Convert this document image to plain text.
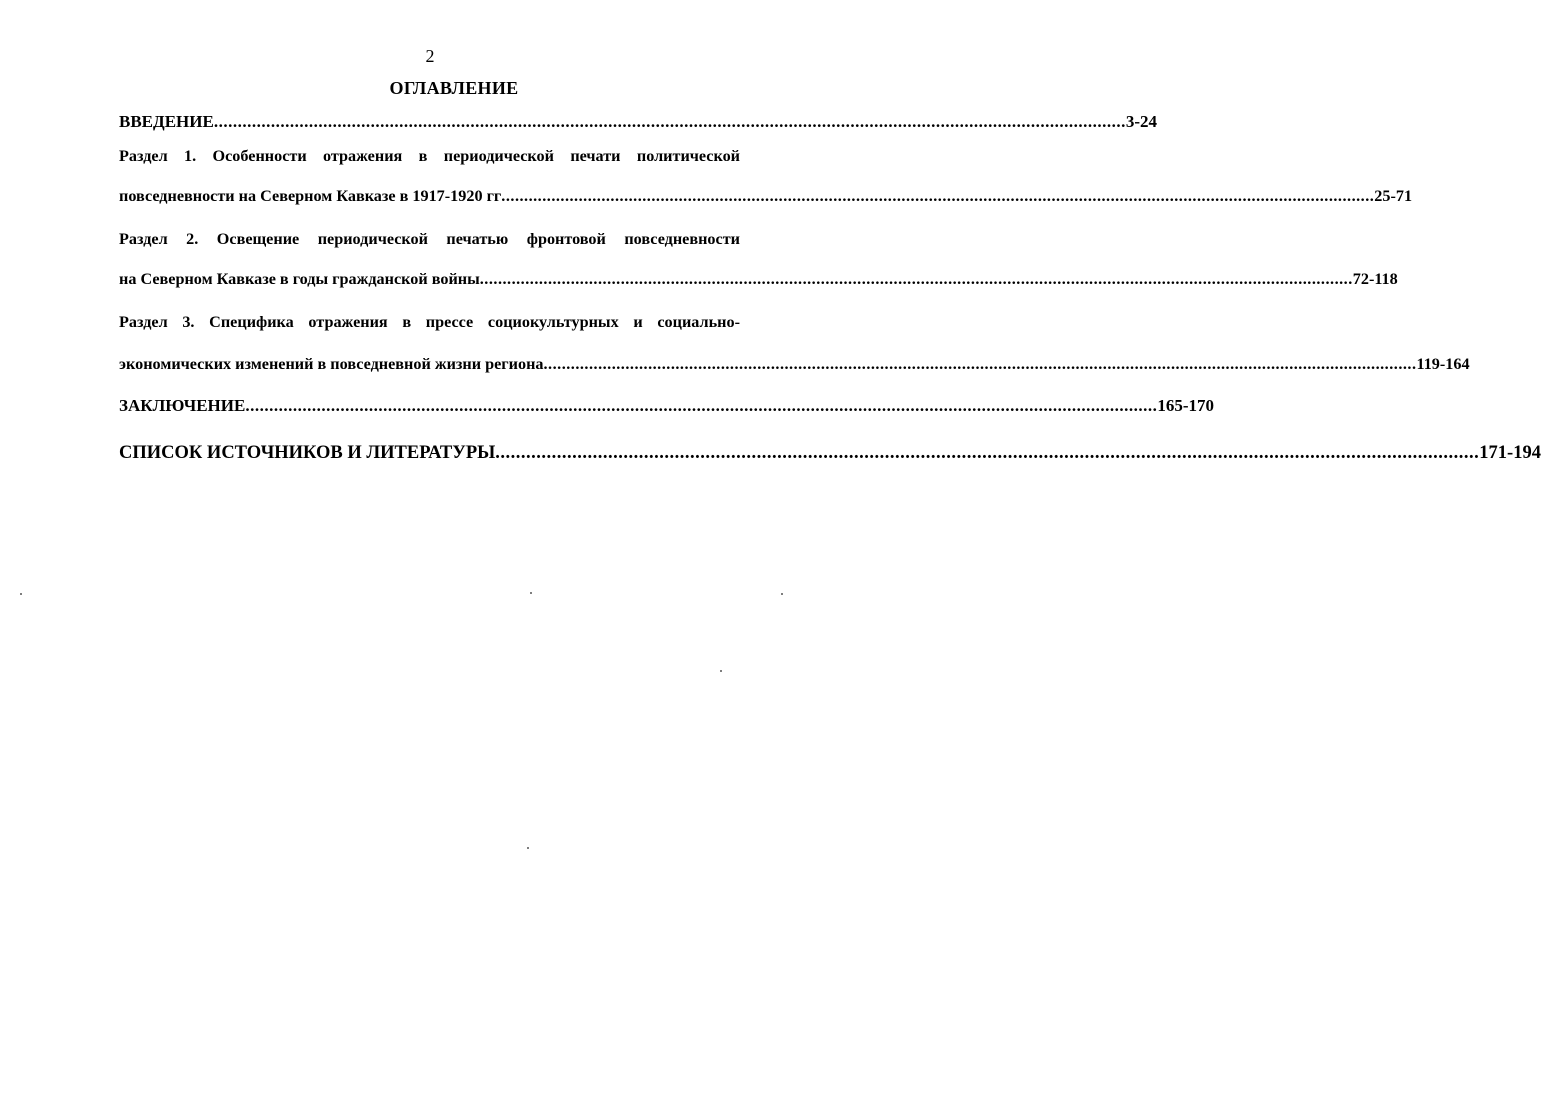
2
ОГЛАВЛЕНИЕ
ВВЕДЕНИЕ ................................................................................................................................................................................................ 3-24
Раздел 1. Особенности отражения в периодической печати политической
повседневности на Северном Кавказе в 1917-1920 гг ................................................................................................................................................................................................ 25-71
Раздел 2. Освещение периодической печатью фронтовой повседневности
на Северном Кавказе в годы гражданской войны ................................................................................................................................................................................................ 72-118
Раздел 3. Специфика отражения в прессе социокультурных и социально-
экономических изменений в повседневной жизни региона ................................................................................................................................................................................................ 119-164
ЗАКЛЮЧЕНИЕ ................................................................................................................................................................................................ 165-170
СПИСОК ИСТОЧНИКОВ И ЛИТЕРАТУРЫ ................................................................................................................................................................................................ 171-194
